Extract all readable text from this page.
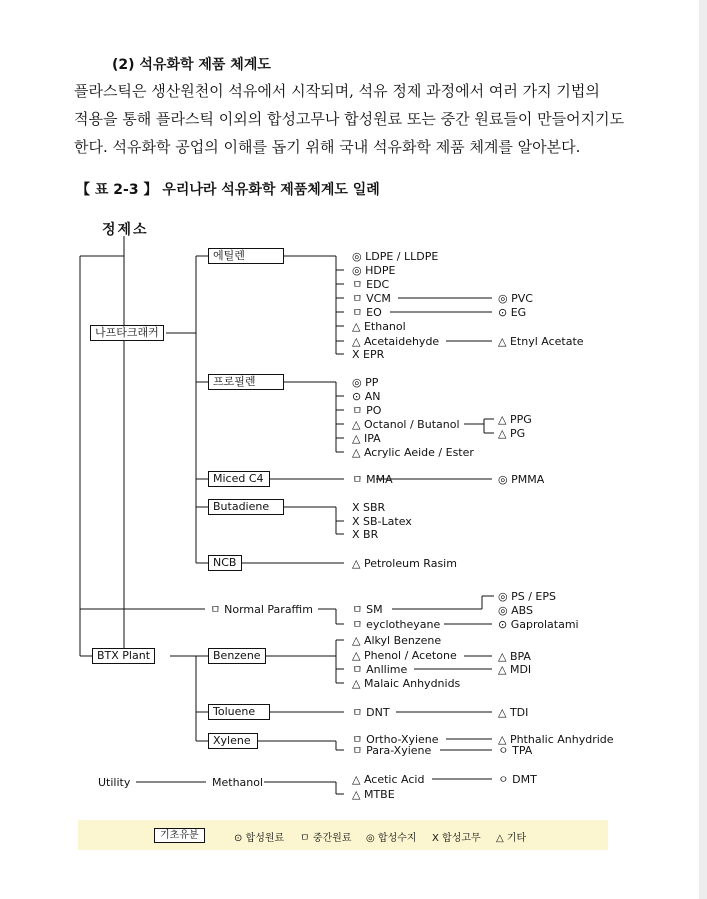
(2) 석유화학 제품 체계도
플라스틱은 생산원천이 석유에서 시작되며, 석유 정제 과정에서 여러 가지 기법의
적용을 통해 플라스틱 이외의 합성고무나 합성원료 또는 중간 원료들이 만들어지기도
한다. 석유화학 공업의 이해를 돕기 위해 국내 석유화학 제품 체계를 알아본다.
【 표 2-3 】 우리나라 석유화학 제품체계도 일례
정제소
나프타크래커
BTX Plant
Utility
ㅁ Normal Paraffim
Methanol
에틸렌
프로필렌
Miced C4
Butadiene
NCB
Benzene
Toluene
Xylene
◎ LDPE / LLDPE
◎ HDPE
ㅁ EDC
ㅁ VCM
ㅁ EO
△ Ethanol
△ Acetaidehyde
X EPR
◎ PP
⊙ AN
ㅁ PO
△ Octanol / Butanol
△ IPA
△ Acrylic Aeide / Ester
ㅁ MMA
X SBR
X SB-Latex
X BR
△ Petroleum Rasim
ㅁ SM
ㅁ eyclotheyane
△ Alkyl Benzene
△ Phenol / Acetone
ㅁ Anllime
△ Malaic Anhydnids
ㅁ DNT
ㅁ Ortho-Xyiene
ㅁ Para-Xyiene
△ Acetic Acid
△ MTBE
◎ PVC
⊙ EG
△ Etnyl Acetate
△ PPG
△ PG
◎ PMMA
◎ PS / EPS
◎ ABS
⊙ Gaprolatami
△ BPA
△ MDI
△ TDI
△ Phthalic Anhydride
ㅇ TPA
ㅇ DMT
기초유분	⊙ 합성원료 ㅁ 중간원료 ◎ 합성수지 X 합성고무 △ 기타
